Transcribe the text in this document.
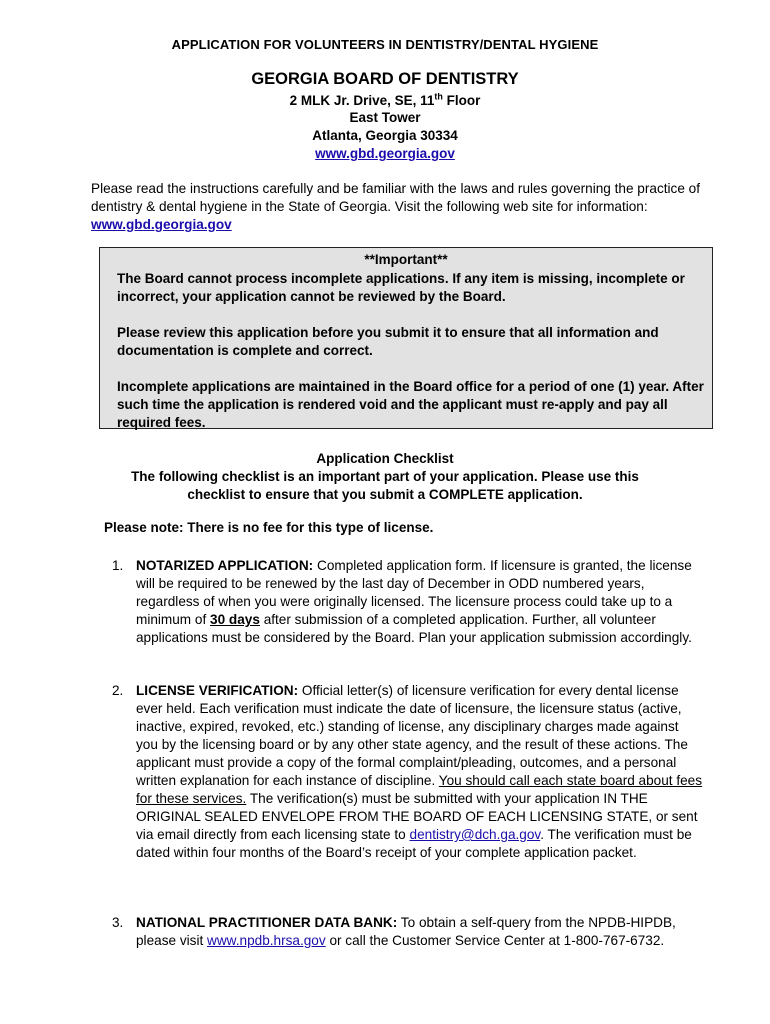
APPLICATION FOR VOLUNTEERS IN DENTISTRY/DENTAL HYGIENE
GEORGIA BOARD OF DENTISTRY
2 MLK Jr. Drive, SE, 11th Floor
East Tower
Atlanta, Georgia 30334
www.gbd.georgia.gov
Please read the instructions carefully and be familiar with the laws and rules governing the practice of dentistry & dental hygiene in the State of Georgia. Visit the following web site for information: www.gbd.georgia.gov
**Important**
The Board cannot process incomplete applications. If any item is missing, incomplete or incorrect, your application cannot be reviewed by the Board.
Please review this application before you submit it to ensure that all information and documentation is complete and correct.
Incomplete applications are maintained in the Board office for a period of one (1) year. After such time the application is rendered void and the applicant must re-apply and pay all required fees.
Application Checklist
The following checklist is an important part of your application. Please use this
checklist to ensure that you submit a COMPLETE application.
Please note: There is no fee for this type of license.
1. NOTARIZED APPLICATION: Completed application form. If licensure is granted, the license will be required to be renewed by the last day of December in ODD numbered years, regardless of when you were originally licensed. The licensure process could take up to a minimum of 30 days after submission of a completed application. Further, all volunteer applications must be considered by the Board. Plan your application submission accordingly.
2. LICENSE VERIFICATION: Official letter(s) of licensure verification for every dental license ever held. Each verification must indicate the date of licensure, the licensure status (active, inactive, expired, revoked, etc.) standing of license, any disciplinary charges made against you by the licensing board or by any other state agency, and the result of these actions. The applicant must provide a copy of the formal complaint/pleading, outcomes, and a personal written explanation for each instance of discipline. You should call each state board about fees for these services. The verification(s) must be submitted with your application IN THE ORIGINAL SEALED ENVELOPE FROM THE BOARD OF EACH LICENSING STATE, or sent via email directly from each licensing state to dentistry@dch.ga.gov. The verification must be dated within four months of the Board’s receipt of your complete application packet.
3. NATIONAL PRACTITIONER DATA BANK: To obtain a self-query from the NPDB-HIPDB, please visit www.npdb.hrsa.gov or call the Customer Service Center at 1-800-767-6732.
